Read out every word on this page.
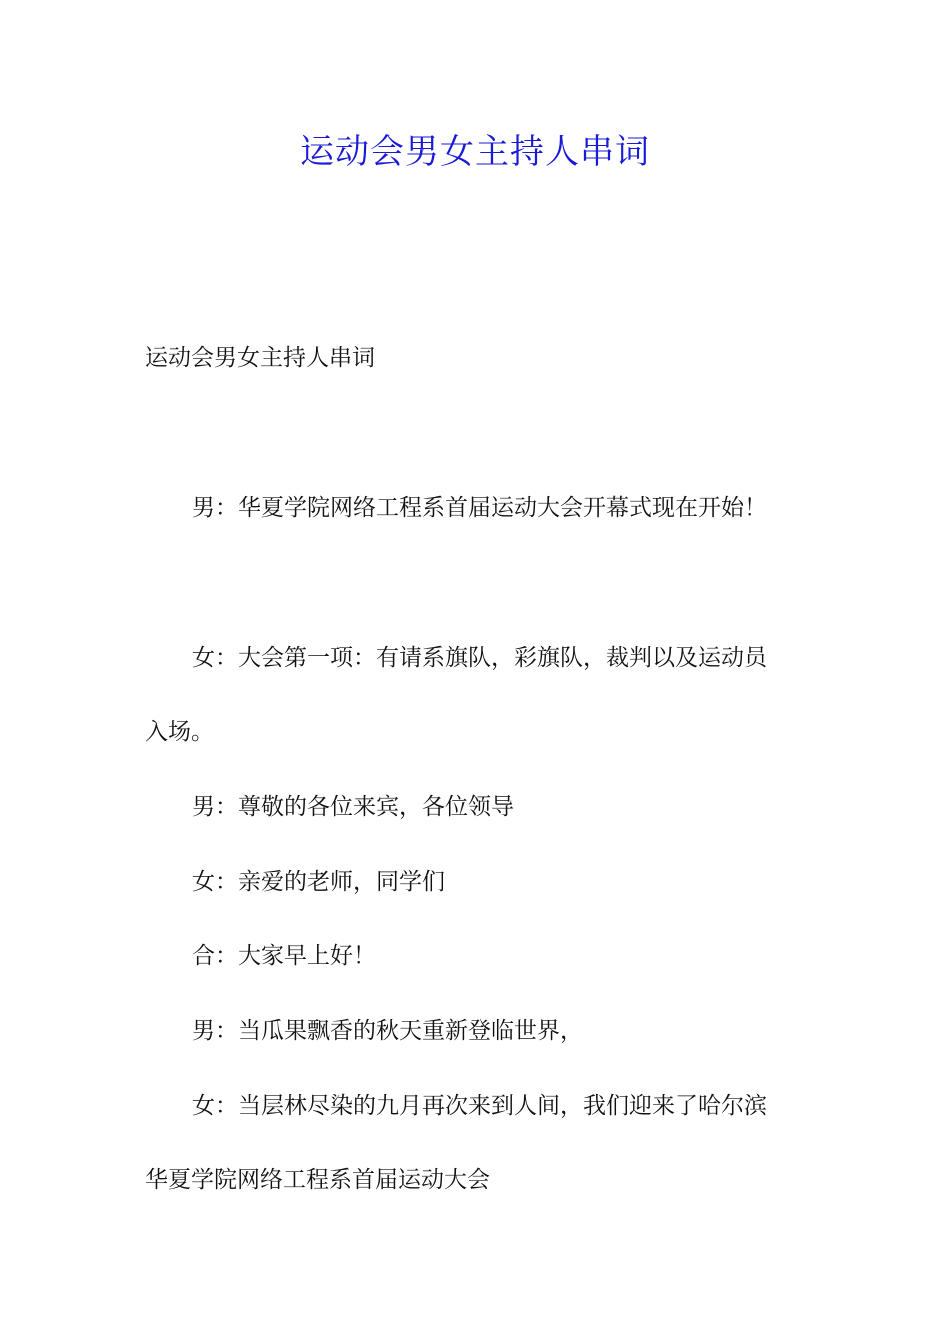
运动会男女主持人串词

运动会男女主持人串词

男：华夏学院网络工程系首届运动大会开幕式现在开始！

女：大会第一项：有请系旗队，彩旗队，裁判以及运动员

入场。

男：尊敬的各位来宾，各位领导

女：亲爱的老师，同学们

合：大家早上好！

男：当瓜果飘香的秋天重新登临世界，

女：当层林尽染的九月再次来到人间，我们迎来了哈尔滨

华夏学院网络工程系首届运动大会
